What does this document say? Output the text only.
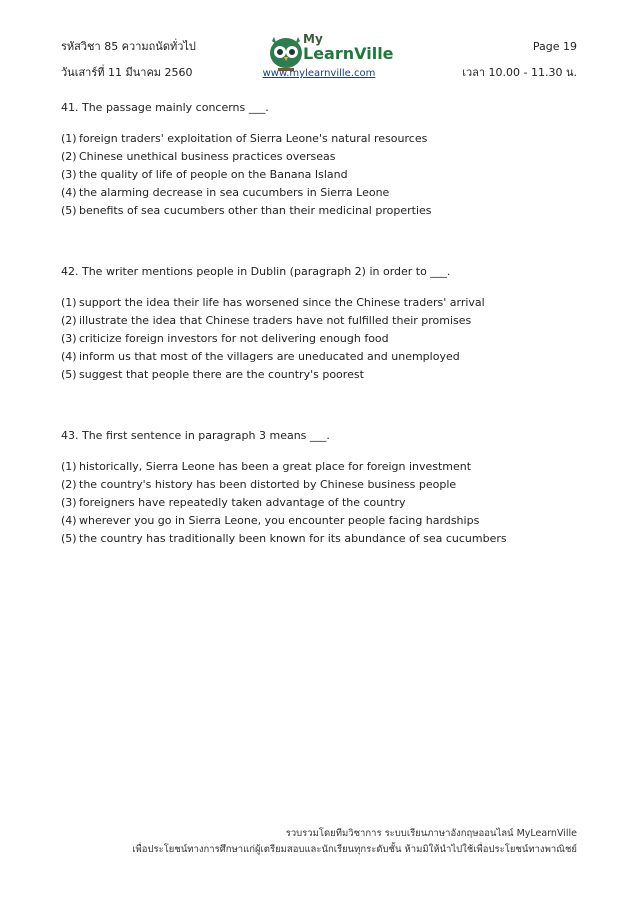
รหัสวิชา 85 ความถนัดทั่วไป
วันเสาร์ที่ 11 มีนาคม 2560
My
LearnVille
www.mylearnville.com
Page 19
เวลา 10.00 - 11.30 น.
41. The passage mainly concerns ___.
(1) foreign traders' exploitation of Sierra Leone's natural resources
(2) Chinese unethical business practices overseas
(3) the quality of life of people on the Banana Island
(4) the alarming decrease in sea cucumbers in Sierra Leone
(5) benefits of sea cucumbers other than their medicinal properties
42. The writer mentions people in Dublin (paragraph 2) in order to ___.
(1) support the idea their life has worsened since the Chinese traders' arrival
(2) illustrate the idea that Chinese traders have not fulfilled their promises
(3) criticize foreign investors for not delivering enough food
(4) inform us that most of the villagers are uneducated and unemployed
(5) suggest that people there are the country's poorest
43. The first sentence in paragraph 3 means ___.
(1) historically, Sierra Leone has been a great place for foreign investment
(2) the country's history has been distorted by Chinese business people
(3) foreigners have repeatedly taken advantage of the country
(4) wherever you go in Sierra Leone, you encounter people facing hardships
(5) the country has traditionally been known for its abundance of sea cucumbers
รวบรวมโดยทีมวิชาการ ระบบเรียนภาษาอังกฤษออนไลน์ MyLearnVille
เพื่อประโยชน์ทางการศึกษาแก่ผู้เตรียมสอบและนักเรียนทุกระดับชั้น ห้ามมิให้นำไปใช้เพื่อประโยชน์ทางพาณิชย์
